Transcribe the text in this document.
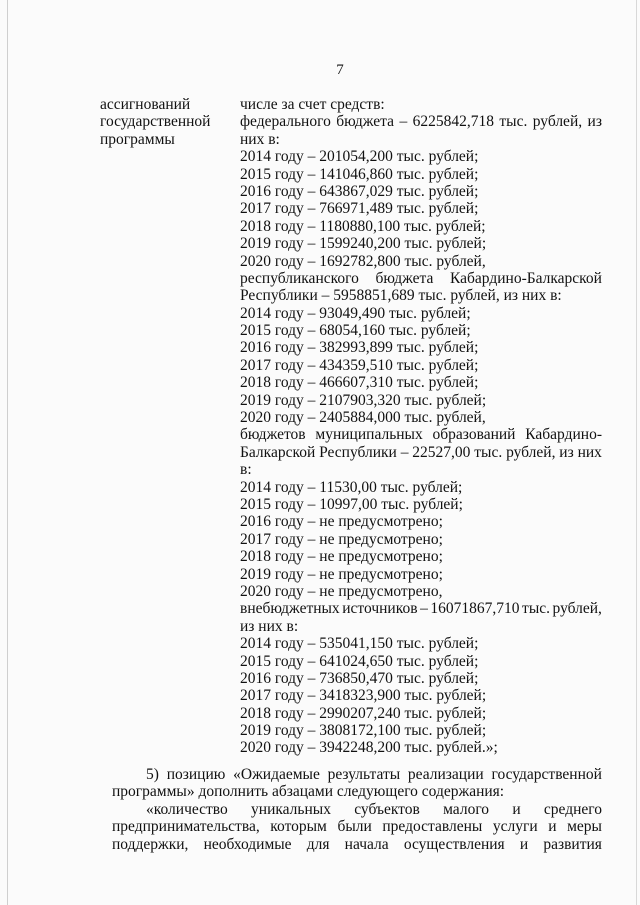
7
ассигнований
государственной
программы
числе за счет средств:
федерального бюджета – 6225842,718 тыс. рублей, из
них в:
2014 году – 201054,200 тыс. рублей;
2015 году – 141046,860 тыс. рублей;
2016 году – 643867,029 тыс. рублей;
2017 году – 766971,489 тыс. рублей;
2018 году – 1180880,100 тыс. рублей;
2019 году – 1599240,200 тыс. рублей;
2020 году – 1692782,800 тыс. рублей,
республиканского бюджета Кабардино-Балкарской
Республики – 5958851,689 тыс. рублей, из них в:
2014 году – 93049,490 тыс. рублей;
2015 году – 68054,160 тыс. рублей;
2016 году – 382993,899 тыс. рублей;
2017 году – 434359,510 тыс. рублей;
2018 году – 466607,310 тыс. рублей;
2019 году – 2107903,320 тыс. рублей;
2020 году – 2405884,000 тыс. рублей,
бюджетов муниципальных образований Кабардино-
Балкарской Республики – 22527,00 тыс. рублей, из них
в:
2014 году – 11530,00 тыс. рублей;
2015 году – 10997,00 тыс. рублей;
2016 году – не предусмотрено;
2017 году – не предусмотрено;
2018 году – не предусмотрено;
2019 году – не предусмотрено;
2020 году – не предусмотрено,
внебюджетных источников – 16071867,710 тыс. рублей,
из них в:
2014 году – 535041,150 тыс. рублей;
2015 году – 641024,650 тыс. рублей;
2016 году – 736850,470 тыс. рублей;
2017 году – 3418323,900 тыс. рублей;
2018 году – 2990207,240 тыс. рублей;
2019 году – 3808172,100 тыс. рублей;
2020 году – 3942248,200 тыс. рублей.»;
5) позицию «Ожидаемые результаты реализации государственной
программы» дополнить абзацами следующего содержания:
«количество уникальных субъектов малого и среднего
предпринимательства, которым были предоставлены услуги и меры
поддержки, необходимые для начала осуществления и развития
